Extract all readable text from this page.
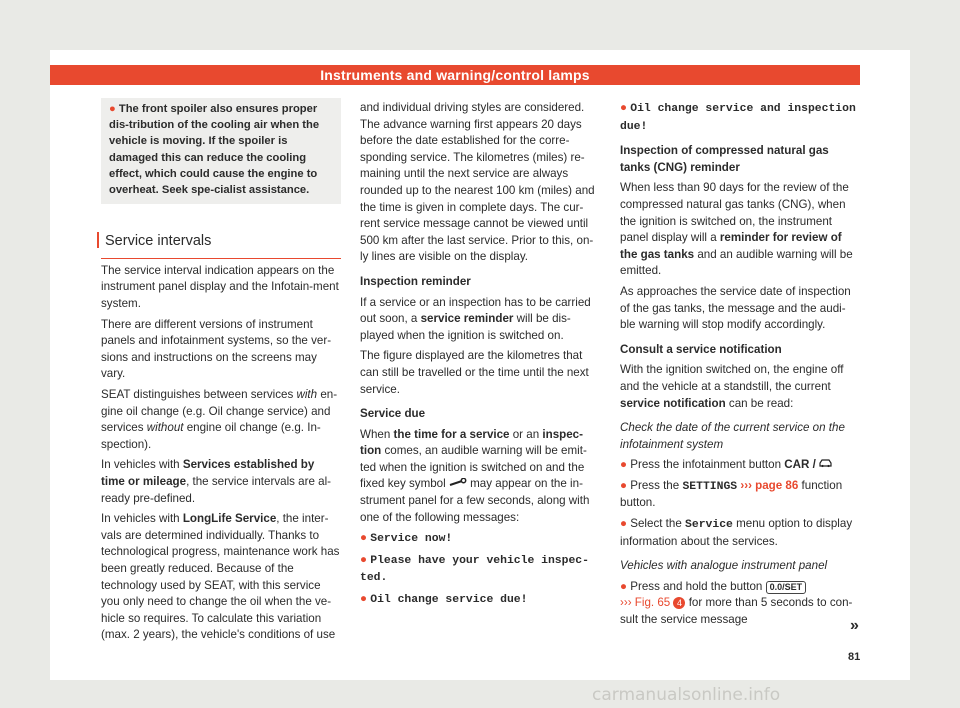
Instruments and warning/control lamps

● The front spoiler also ensures proper dis-tribution of the cooling air when the vehicle is moving. If the spoiler is damaged this can reduce the cooling effect, which could cause the engine to overheat. Seek spe-cialist assistance.

Service intervals

The service interval indication appears on the instrument panel display and the Infotain-ment system.

There are different versions of instrument panels and infotainment systems, so the ver-sions and instructions on the screens may vary.

SEAT distinguishes between services with en-gine oil change (e.g. Oil change service) and services without engine oil change (e.g. In-spection).

In vehicles with Services established by time or mileage, the service intervals are al-ready pre-defined.

In vehicles with LongLife Service, the inter-vals are determined individually. Thanks to technological progress, maintenance work has been greatly reduced. Because of the technology used by SEAT, with this service you only need to change the oil when the ve-hicle so requires. To calculate this variation (max. 2 years), the vehicle's conditions of use

and individual driving styles are considered. The advance warning first appears 20 days before the date established for the corre-sponding service. The kilometres (miles) re-maining until the next service are always rounded up to the nearest 100 km (miles) and the time is given in complete days. The cur-rent service message cannot be viewed until 500 km after the last service. Prior to this, on-ly lines are visible on the display.

Inspection reminder

If a service or an inspection has to be carried out soon, a service reminder will be dis-played when the ignition is switched on.

The figure displayed are the kilometres that can still be travelled or the time until the next service.

Service due

When the time for a service or an inspec-tion comes, an audible warning will be emit-ted when the ignition is switched on and the fixed key symbol  may appear on the in-strument panel for a few seconds, along with one of the following messages:

● Service now!

● Please have your vehicle inspec-ted.

● Oil change service due!

● Oil change service and inspection due!

Inspection of compressed natural gas tanks (CNG) reminder

When less than 90 days for the review of the compressed natural gas tanks (CNG), when the ignition is switched on, the instrument panel display will a reminder for review of the gas tanks and an audible warning will be emitted.

As approaches the service date of inspection of the gas tanks, the message and the audi-ble warning will stop modify accordingly.

Consult a service notification

With the ignition switched on, the engine off and the vehicle at a standstill, the current service notification can be read:

Check the date of the current service on the infotainment system

● Press the infotainment button CAR /

● Press the SETTINGS ››› page 86 function button.

● Select the Service menu option to display information about the services.

Vehicles with analogue instrument panel

● Press and hold the button 0.0/SET
››› Fig. 65 4 for more than 5 seconds to con-sult the service message	»
81
carmanualsonline.info
